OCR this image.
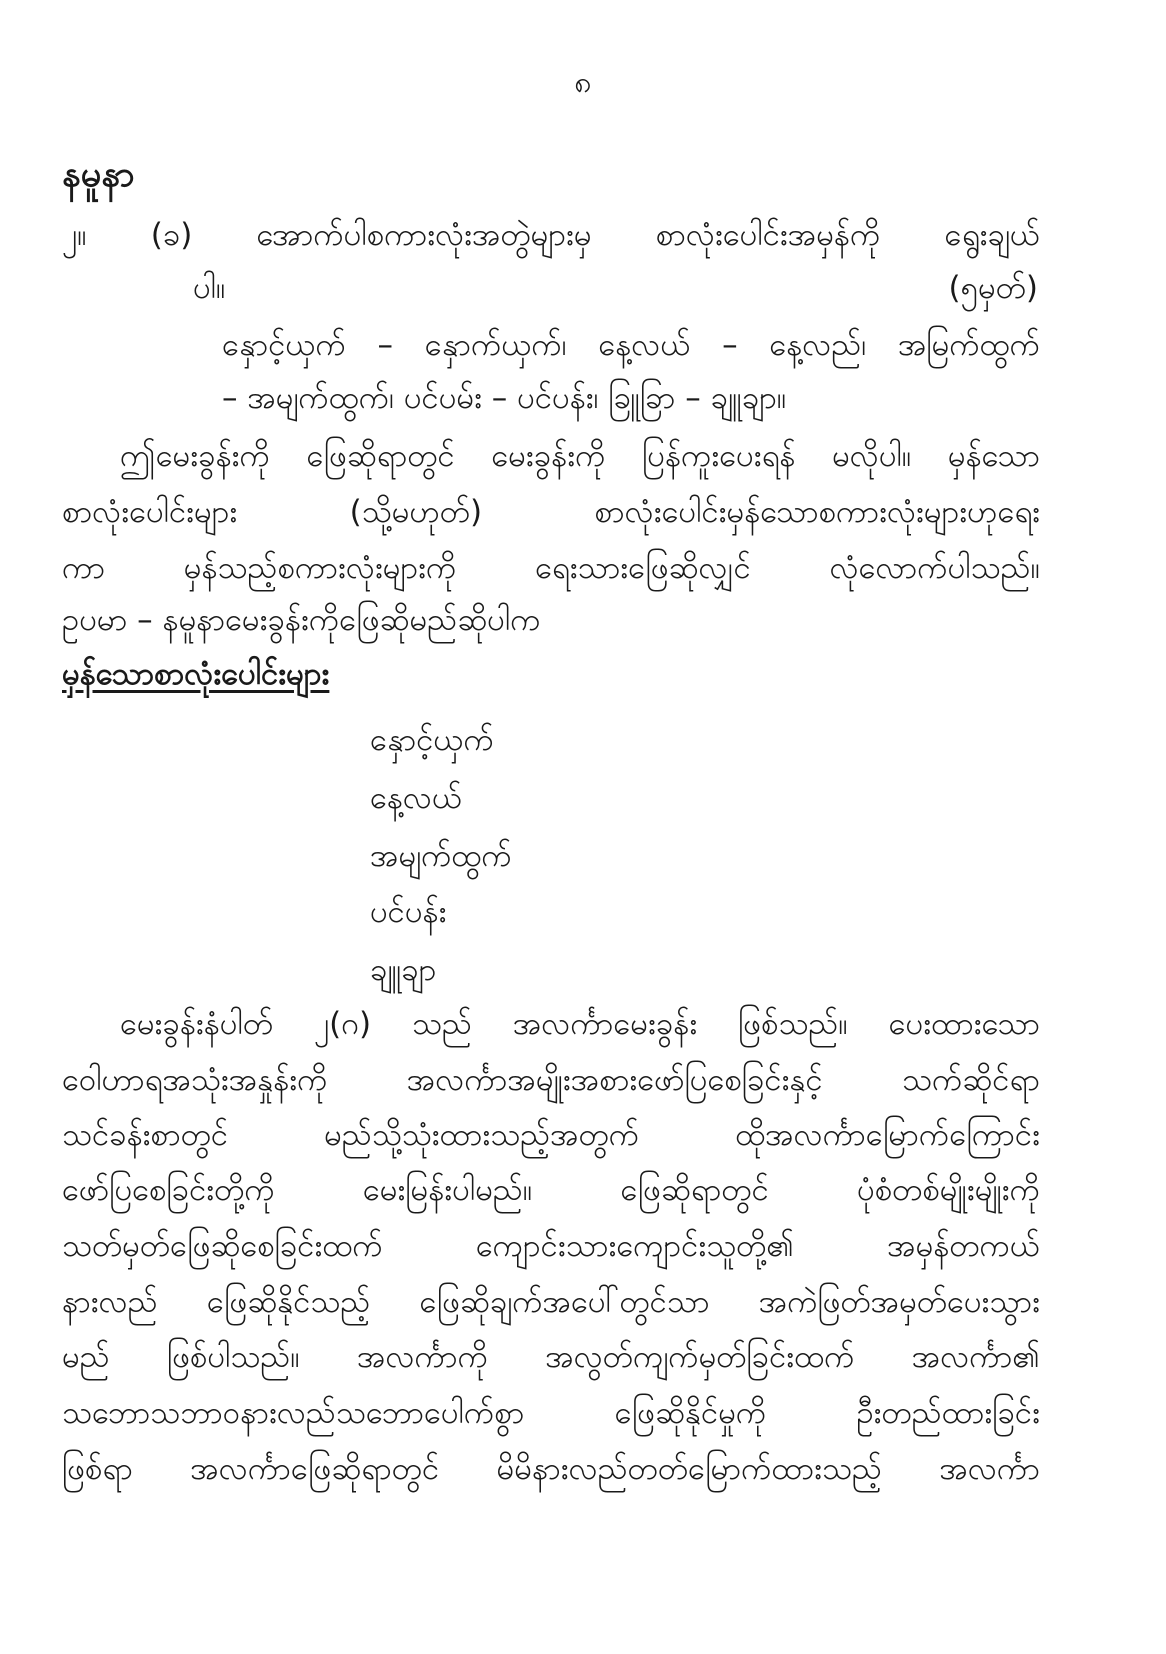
၈
နမူနာ
၂။ (ခ) အောက်ပါစကားလုံးအတွဲများမှ စာလုံးပေါင်းအမှန်ကို ရွေးချယ်
ပါ။	(၅မှတ်)
နှောင့်ယှက် – နှောက်ယှက်၊ နေ့လယ် – နေ့လည်၊ အမြက်ထွက်
– အမျက်ထွက်၊ ပင်ပမ်း – ပင်ပန်း၊ ခြူခြာ – ချူချာ။
ဤမေးခွန်းကို ဖြေဆိုရာတွင် မေးခွန်းကို ပြန်ကူးပေးရန် မလိုပါ။ မှန်သော
စာလုံးပေါင်းများ (သို့မဟုတ်) စာလုံးပေါင်းမှန်သောစကားလုံးများဟုရေး
ကာ မှန်သည့်စကားလုံးများကို ရေးသားဖြေဆိုလျှင် လုံလောက်ပါသည်။
ဥပမာ – နမူနာမေးခွန်းကိုဖြေဆိုမည်ဆိုပါက
မှန်သောစာလုံးပေါင်းများ
နှောင့်ယှက်
နေ့လယ်
အမျက်ထွက်
ပင်ပန်း
ချူချာ
မေးခွန်းနံပါတ် ၂(ဂ) သည် အလင်္ကာမေးခွန်း ဖြစ်သည်။ ပေးထားသော
ဝေါဟာရအသုံးအနှုန်းကို အလင်္ကာအမျိုးအစားဖော်ပြစေခြင်းနှင့် သက်ဆိုင်ရာ
သင်ခန်းစာတွင် မည်သို့သုံးထားသည့်အတွက် ထိုအလင်္ကာမြောက်ကြောင်း
ဖော်ပြစေခြင်းတို့ကို မေးမြန်းပါမည်။ ဖြေဆိုရာတွင် ပုံစံတစ်မျိုးမျိုးကို
သတ်မှတ်ဖြေဆိုစေခြင်းထက် ကျောင်းသားကျောင်းသူတို့၏ အမှန်တကယ်
နားလည် ဖြေဆိုနိုင်သည့် ဖြေဆိုချက်အပေါ်တွင်သာ အကဲဖြတ်အမှတ်ပေးသွား
မည် ဖြစ်ပါသည်။ အလင်္ကာကို အလွတ်ကျက်မှတ်ခြင်းထက် အလင်္ကာ၏
သဘောသဘာဝနားလည်သဘောပေါက်စွာ ဖြေဆိုနိုင်မှုကို ဦးတည်ထားခြင်း
ဖြစ်ရာ အလင်္ကာဖြေဆိုရာတွင် မိမိနားလည်တတ်မြောက်ထားသည့် အလင်္ကာ
